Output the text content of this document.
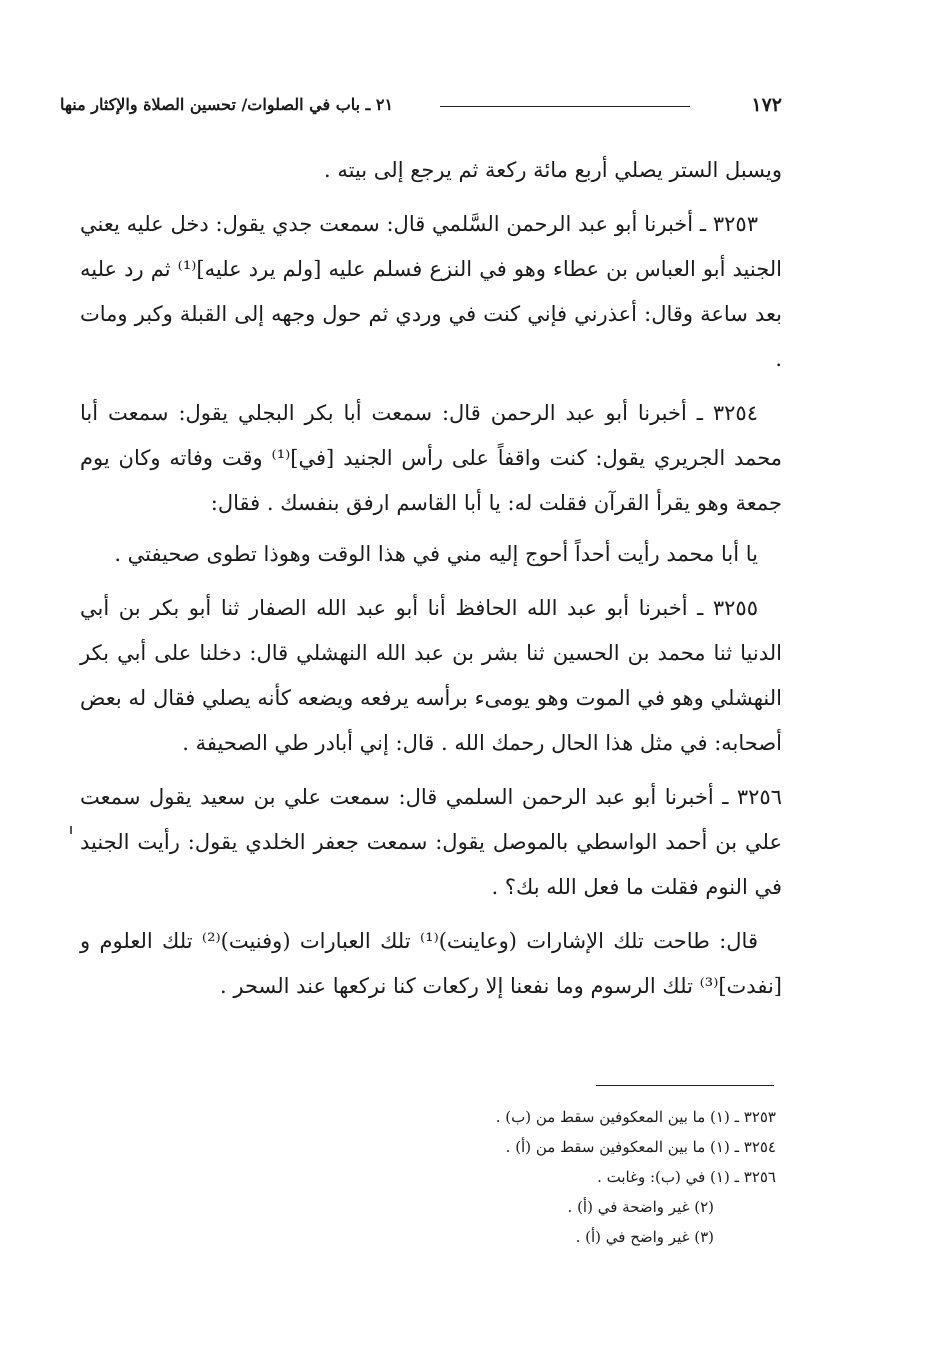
١٧٢
٢١ ـ باب في الصلوات/ تحسين الصلاة والإكثار منها

ويسبل الستر يصلي أربع مائة ركعة ثم يرجع إلى بيته .

٣٢٥٣ ـ أخبرنا أبو عبد الرحمن السَّلمي قال: سمعت جدي يقول: دخل عليه يعني الجنيد أبو العباس بن عطاء وهو في النزع فسلم عليه [ولم يرد عليه]⁽¹⁾ ثم رد عليه بعد ساعة وقال: أعذرني فإني كنت في وردي ثم حول وجهه إلى القبلة وكبر ومات .

٣٢٥٤ ـ أخبرنا أبو عبد الرحمن قال: سمعت أبا بكر البجلي يقول: سمعت أبا محمد الجريري يقول: كنت واقفاً على رأس الجنيد [في]⁽¹⁾ وقت وفاته وكان يوم جمعة وهو يقرأ القرآن فقلت له: يا أبا القاسم ارفق بنفسك . فقال:

يا أبا محمد رأيت أحداً أحوج إليه مني في هذا الوقت وهوذا تطوى صحيفتي .

٣٢٥٥ ـ أخبرنا أبو عبد الله الحافظ أنا أبو عبد الله الصفار ثنا أبو بكر بن أبي الدنيا ثنا محمد بن الحسين ثنا بشر بن عبد الله النهشلي قال: دخلنا على أبي بكر النهشلي وهو في الموت وهو يومىء برأسه يرفعه ويضعه كأنه يصلي فقال له بعض أصحابه: في مثل هذا الحال رحمك الله . قال: إني أبادر طي الصحيفة .

٣٢٥٦ ـ أخبرنا أبو عبد الرحمن السلمي قال: سمعت علي بن سعيد يقول سمعت علي بن أحمد الواسطي بالموصل يقول: سمعت جعفر الخلدي يقول: رأيت الجنيد في النوم فقلت ما فعل الله بك؟ .

قال: طاحت تلك الإشارات (وعاينت)⁽¹⁾ تلك العبارات (وفنيت)⁽²⁾ تلك العلوم و [نفدت]⁽³⁾ تلك الرسوم وما نفعنا إلا ركعات كنا نركعها عند السحر .

٣٢٥٣ ـ (١) ما بين المعكوفين سقط من (ب) .
٣٢٥٤ ـ (١) ما بين المعكوفين سقط من (أ) .
٣٢٥٦ ـ (١) في (ب): وغابت .
(٢) غير واضحة في (أ) .
(٣) غير واضح في (أ) .
